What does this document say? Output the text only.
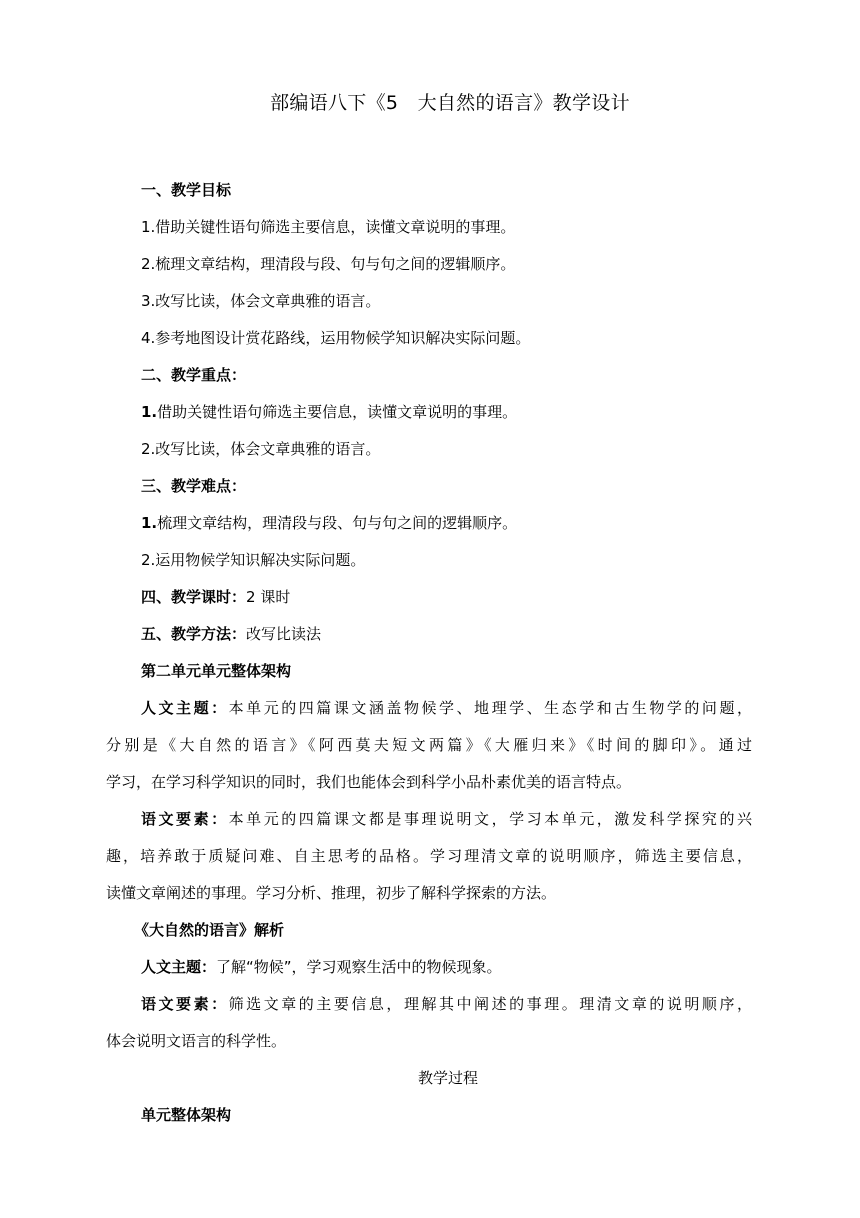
部编语八下《5　大自然的语言》教学设计
一、教学目标
1.借助关键性语句筛选主要信息，读懂文章说明的事理。
2.梳理文章结构，理清段与段、句与句之间的逻辑顺序。
3.改写比读，体会文章典雅的语言。
4.参考地图设计赏花路线，运用物候学知识解决实际问题。
二、教学重点：
1.借助关键性语句筛选主要信息，读懂文章说明的事理。
2.改写比读，体会文章典雅的语言。
三、教学难点：
1.梳理文章结构，理清段与段、句与句之间的逻辑顺序。
2.运用物候学知识解决实际问题。
四、教学课时：2 课时
五、教学方法：改写比读法
第二单元单元整体架构
人文主题：本单元的四篇课文涵盖物候学、地理学、生态学和古生物学的问题，
分别是《大自然的语言》《阿西莫夫短文两篇》《大雁归来》《时间的脚印》。通过
学习，在学习科学知识的同时，我们也能体会到科学小品朴素优美的语言特点。
语文要素：本单元的四篇课文都是事理说明文，学习本单元，激发科学探究的兴
趣，培养敢于质疑问难、自主思考的品格。学习理清文章的说明顺序，筛选主要信息，
读懂文章阐述的事理。学习分析、推理，初步了解科学探索的方法。
《大自然的语言》解析
人文主题：了解“物候”，学习观察生活中的物候现象。
语文要素：筛选文章的主要信息，理解其中阐述的事理。理清文章的说明顺序，
体会说明文语言的科学性。
教学过程
单元整体架构
